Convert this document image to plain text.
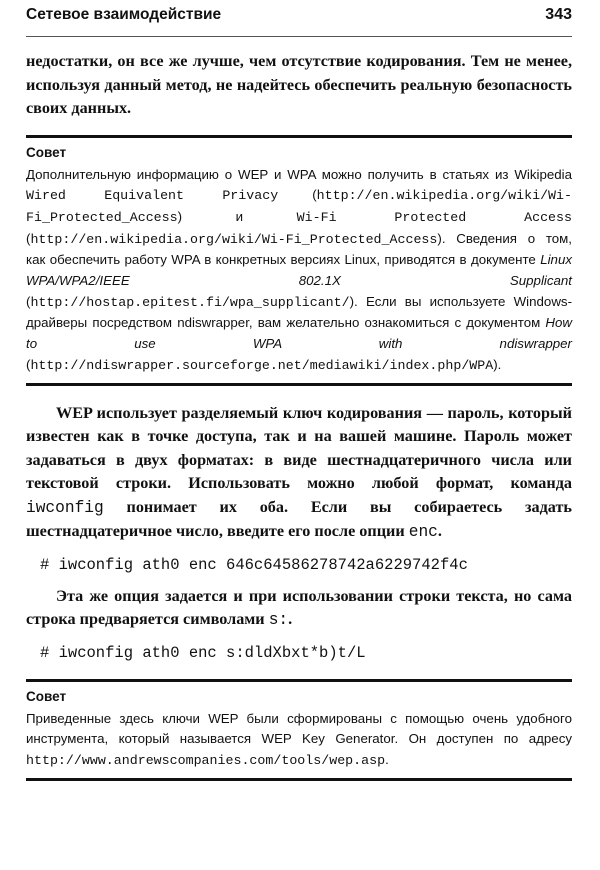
Сетевое взаимодействие	343

недостатки, он все же лучше, чем отсутствие кодирования. Тем не менее, используя данный метод, не надейтесь обеспечить реальную безопасность своих данных.

Совет
Дополнительную информацию о WEP и WPA можно получить в статьях из Wikipedia Wired Equivalent Privacy (http://en.wikipedia.org/wiki/Wi-Fi_Protected_Access) и Wi-Fi Protected Access (http://en.wikipedia.org/wiki/Wi-Fi_Protected_Access). Сведения о том, как обеспечить работу WPA в конкретных версиях Linux, приводятся в документе Linux WPA/WPA2/IEEE 802.1X Supplicant (http://hostap.epitest.fi/wpa_supplicant/). Если вы используете Windows-драйверы посредством ndiswrapper, вам желательно ознакомиться с документом How to use WPA with ndiswrapper (http://ndiswrapper.sourceforge.net/mediawiki/index.php/WPA).

WEP использует разделяемый ключ кодирования — пароль, который известен как в точке доступа, так и на вашей машине. Пароль может задаваться в двух форматах: в виде шестнадцатеричного числа или текстовой строки. Использовать можно любой формат, команда iwconfig понимает их оба. Если вы собираетесь задать шестнадцатеричное число, введите его после опции enc.

# iwconfig ath0 enc 646c64586278742a6229742f4c

Эта же опция задается и при использовании строки текста, но сама строка предваряется символами s:.

# iwconfig ath0 enc s:dldXbxt*b)t/L
Совет
Приведенные здесь ключи WEP были сформированы с помощью очень удобного инструмента, который называется WEP Key Generator. Он доступен по адресу http://www.andrewscompanies.com/tools/wep.asp.
